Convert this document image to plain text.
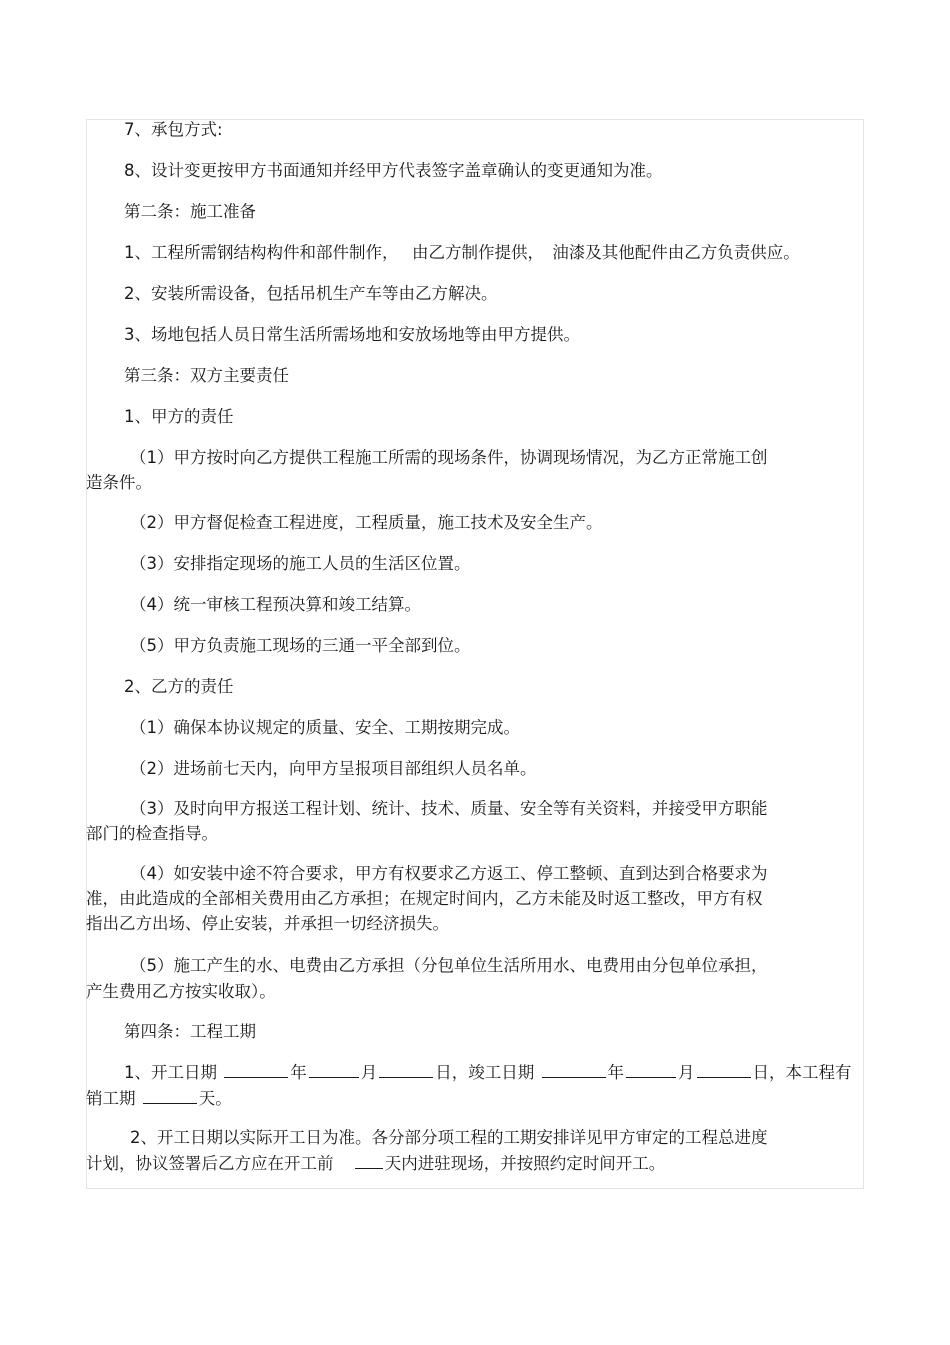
7、承包方式:
8、设计变更按甲方书面通知并经甲方代表签字盖章确认的变更通知为准。
第二条：施工准备
1、工程所需钢结构构件和部件制作，　 由乙方制作提供，　油漆及其他配件由乙方负责供应。
2、安装所需设备，包括吊机生产车等由乙方解决。
3、场地包括人员日常生活所需场地和安放场地等由甲方提供。
第三条：双方主要责任
1、甲方的责任
（1）甲方按时向乙方提供工程施工所需的现场条件，协调现场情况，为乙方正常施工创
造条件。
（2）甲方督促检查工程进度，工程质量，施工技术及安全生产。
（3）安排指定现场的施工人员的生活区位置。
（4）统一审核工程预决算和竣工结算。
（5）甲方负责施工现场的三通一平全部到位。
2、乙方的责任
（1）确保本协议规定的质量、安全、工期按期完成。
（2）进场前七天内，向甲方呈报项目部组织人员名单。
（3）及时向甲方报送工程计划、统计、技术、质量、安全等有关资料，并接受甲方职能
部门的检查指导。
（4）如安装中途不符合要求，甲方有权要求乙方返工、停工整顿、直到达到合格要求为
准，由此造成的全部相关费用由乙方承担；在规定时间内，乙方未能及时返工整改，甲方有权
指出乙方出场、停止安装，并承担一切经济损失。
（5）施工产生的水、电费由乙方承担（分包单位生活所用水、电费用由分包单位承担，
产生费用乙方按实收取）。
第四条：工程工期
1、开工日期	年	月	日，竣工日期	年	月	日，本工程有
销工期	天。
2、开工日期以实际开工日为准。各分部分项工程的工期安排详见甲方审定的工程总进度
计划，协议签署后乙方应在开工前	天内进驻现场，并按照约定时间开工。
